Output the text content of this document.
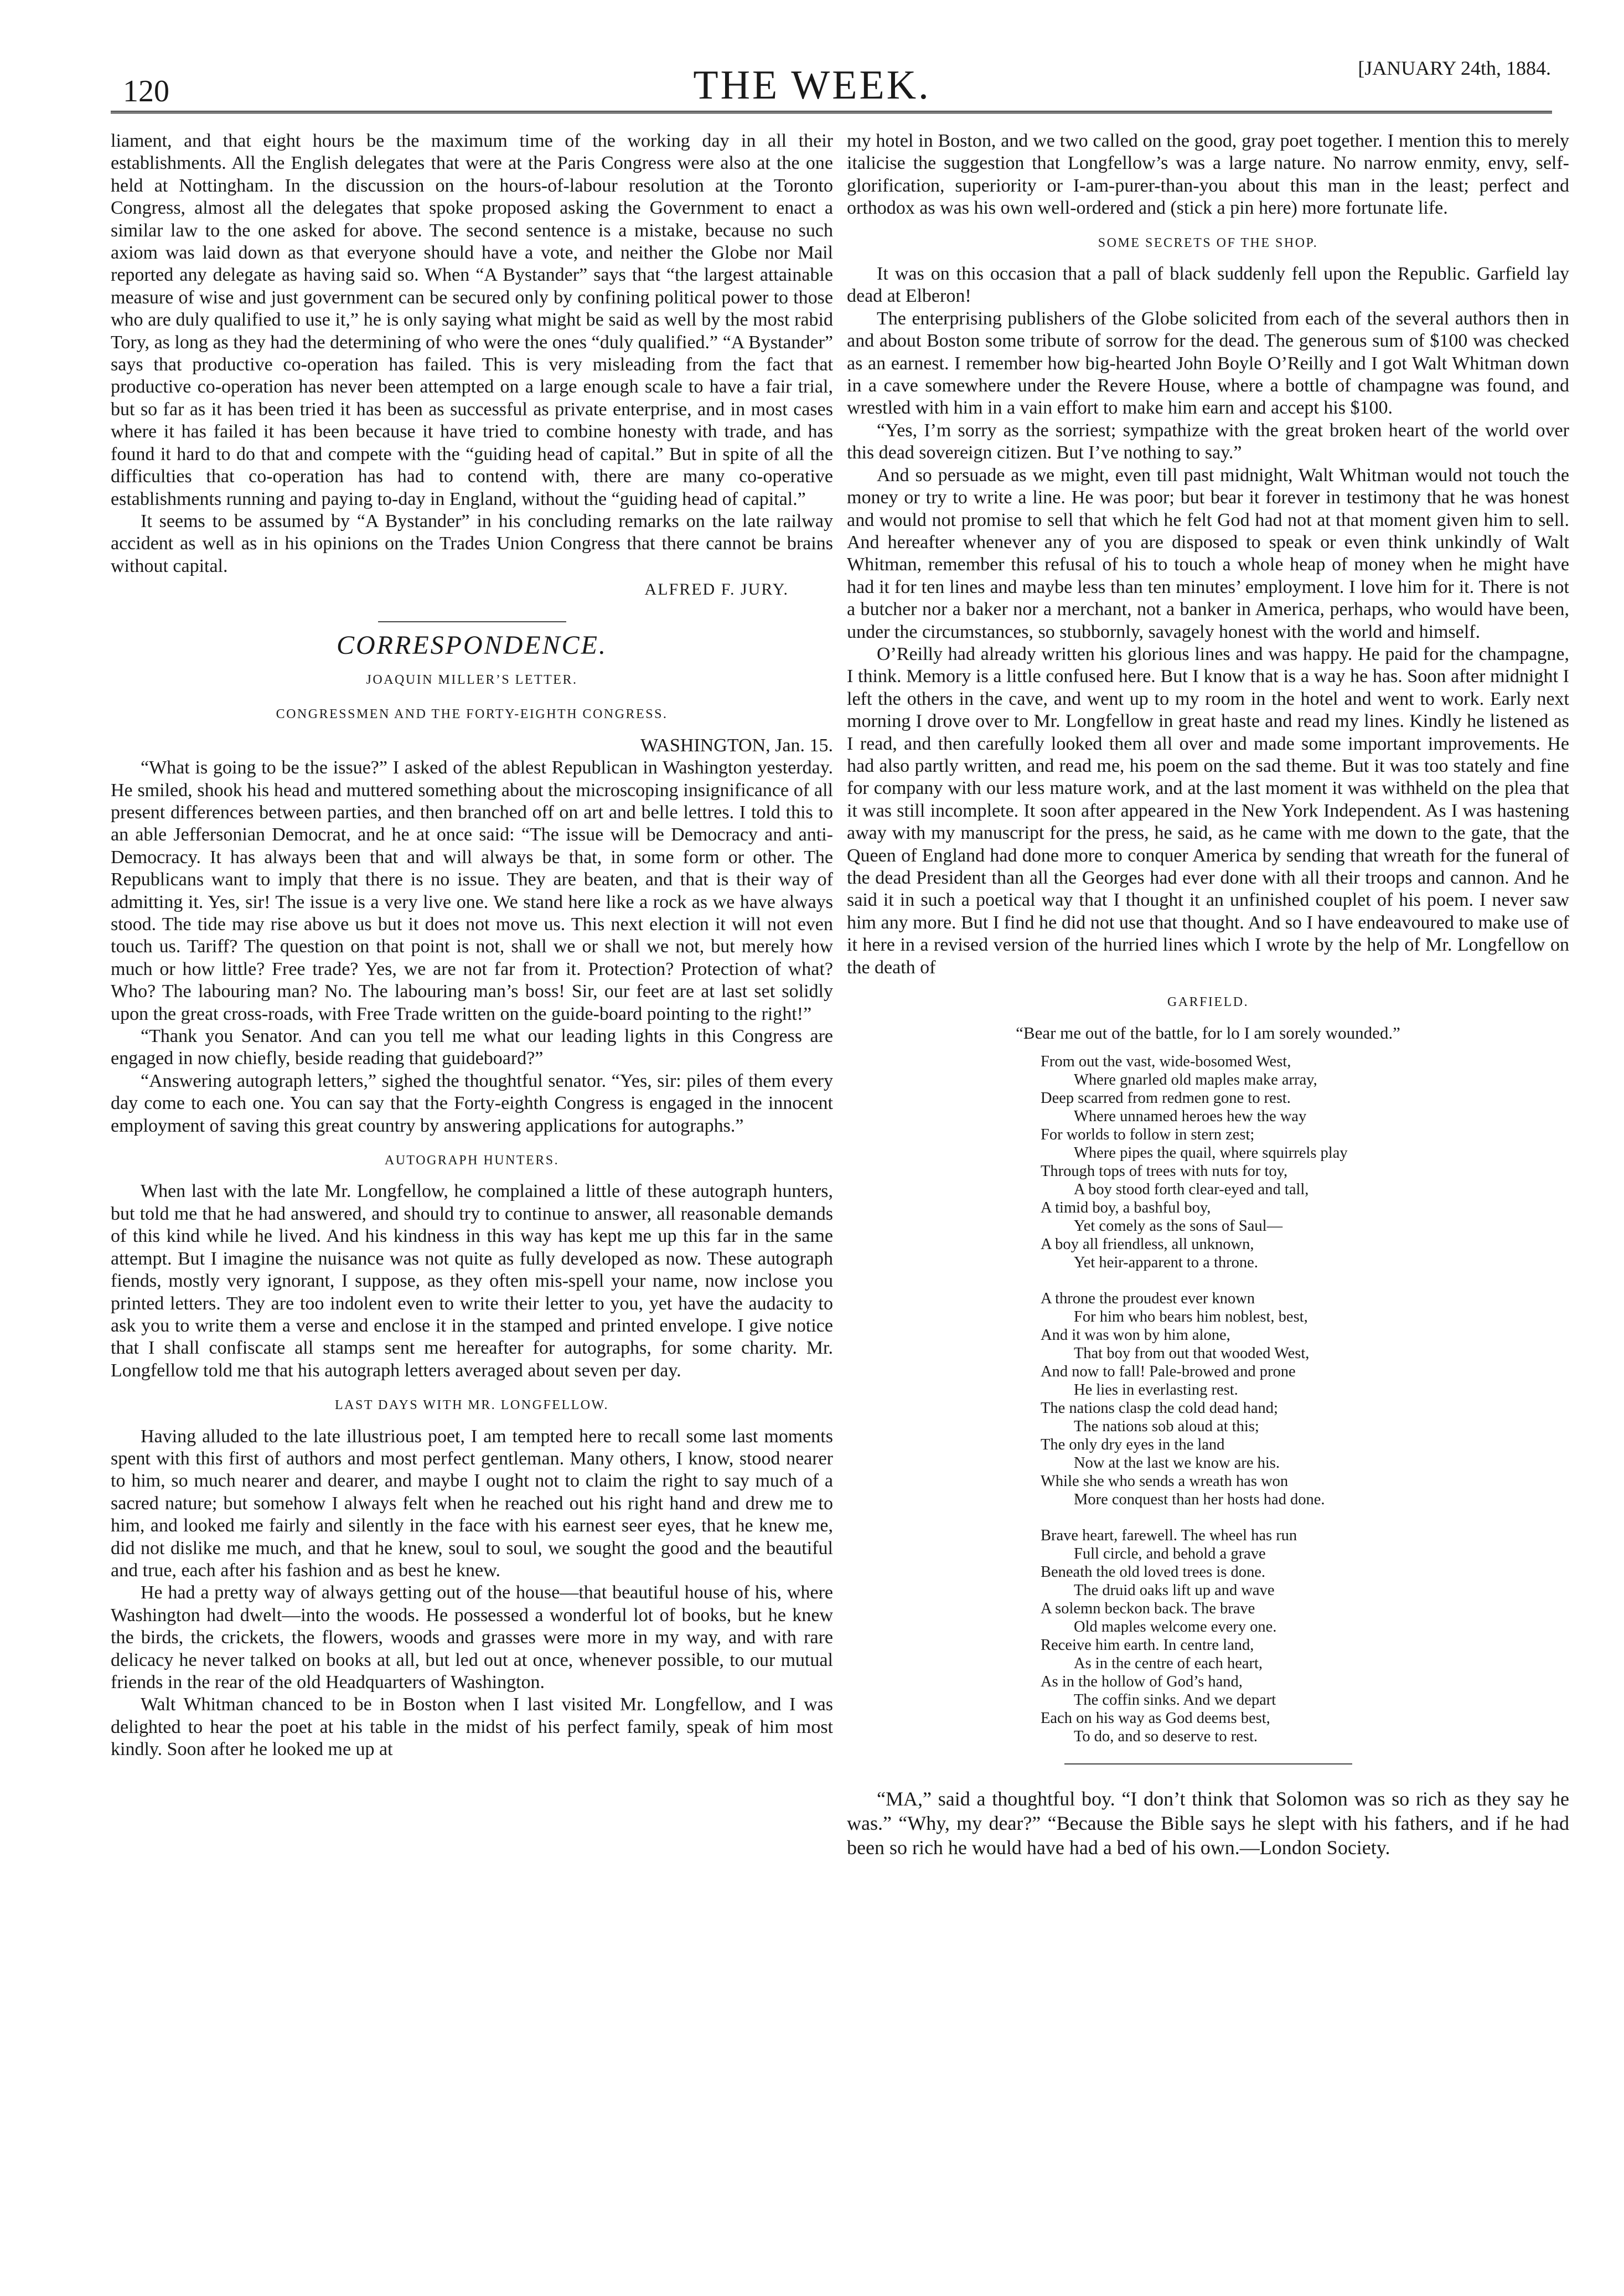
120	THE WEEK.	[JANUARY 24th, 1884.

liament, and that eight hours be the maximum time of the working day in all their establishments. All the English delegates that were at the Paris Congress were also at the one held at Nottingham. In the discussion on the hours-of-labour resolution at the Toronto Congress, almost all the delegates that spoke proposed asking the Government to enact a similar law to the one asked for above. The second sentence is a mistake, because no such axiom was laid down as that everyone should have a vote, and neither the Globe nor Mail reported any delegate as having said so. When “A Bystander” says that “the largest attainable measure of wise and just government can be secured only by confining political power to those who are duly qualified to use it,” he is only saying what might be said as well by the most rabid Tory, as long as they had the determining of who were the ones “duly qualified.” “A Bystander” says that productive co-operation has failed. This is very misleading from the fact that productive co-operation has never been attempted on a large enough scale to have a fair trial, but so far as it has been tried it has been as successful as private enterprise, and in most cases where it has failed it has been because it have tried to combine honesty with trade, and has found it hard to do that and compete with the “guiding head of capital.” But in spite of all the difficulties that co-operation has had to contend with, there are many co-operative establishments running and paying to-day in England, without the “guiding head of capital.”

It seems to be assumed by “A Bystander” in his concluding remarks on the late railway accident as well as in his opinions on the Trades Union Congress that there cannot be brains without capital.

ALFRED F. JURY.
CORRESPONDENCE.
JOAQUIN MILLER’S LETTER.
CONGRESSMEN AND THE FORTY-EIGHTH CONGRESS.

WASHINGTON, Jan. 15.

“What is going to be the issue?” I asked of the ablest Republican in Washington yesterday. He smiled, shook his head and muttered something about the microscoping insignificance of all present differences between parties, and then branched off on art and belle lettres. I told this to an able Jeffersonian Democrat, and he at once said: “The issue will be Democracy and anti-Democracy. It has always been that and will always be that, in some form or other. The Republicans want to imply that there is no issue. They are beaten, and that is their way of admitting it. Yes, sir! The issue is a very live one. We stand here like a rock as we have always stood. The tide may rise above us but it does not move us. This next election it will not even touch us. Tariff? The question on that point is not, shall we or shall we not, but merely how much or how little? Free trade? Yes, we are not far from it. Protection? Protection of what? Who? The labouring man? No. The labouring man’s boss! Sir, our feet are at last set solidly upon the great cross-roads, with Free Trade written on the guide-board pointing to the right!”

“Thank you Senator. And can you tell me what our leading lights in this Congress are engaged in now chiefly, beside reading that guideboard?”

“Answering autograph letters,” sighed the thoughtful senator. “Yes, sir: piles of them every day come to each one. You can say that the Forty-eighth Congress is engaged in the innocent employment of saving this great country by answering applications for autographs.”

AUTOGRAPH HUNTERS.

When last with the late Mr. Longfellow, he complained a little of these autograph hunters, but told me that he had answered, and should try to continue to answer, all reasonable demands of this kind while he lived. And his kindness in this way has kept me up this far in the same attempt. But I imagine the nuisance was not quite as fully developed as now. These autograph fiends, mostly very ignorant, I suppose, as they often mis-spell your name, now inclose you printed letters. They are too indolent even to write their letter to you, yet have the audacity to ask you to write them a verse and enclose it in the stamped and printed envelope. I give notice that I shall confiscate all stamps sent me hereafter for autographs, for some charity. Mr. Longfellow told me that his autograph letters averaged about seven per day.

LAST DAYS WITH MR. LONGFELLOW.

Having alluded to the late illustrious poet, I am tempted here to recall some last moments spent with this first of authors and most perfect gentleman. Many others, I know, stood nearer to him, so much nearer and dearer, and maybe I ought not to claim the right to say much of a sacred nature; but somehow I always felt when he reached out his right hand and drew me to him, and looked me fairly and silently in the face with his earnest seer eyes, that he knew me, did not dislike me much, and that he knew, soul to soul, we sought the good and the beautiful and true, each after his fashion and as best he knew.

He had a pretty way of always getting out of the house—that beautiful house of his, where Washington had dwelt—into the woods. He possessed a wonderful lot of books, but he knew the birds, the crickets, the flowers, woods and grasses were more in my way, and with rare delicacy he never talked on books at all, but led out at once, whenever possible, to our mutual friends in the rear of the old Headquarters of Washington.

Walt Whitman chanced to be in Boston when I last visited Mr. Longfellow, and I was delighted to hear the poet at his table in the midst of his perfect family, speak of him most kindly. Soon after he looked me up at

my hotel in Boston, and we two called on the good, gray poet together. I mention this to merely italicise the suggestion that Longfellow’s was a large nature. No narrow enmity, envy, self-glorification, superiority or I-am-purer-than-you about this man in the least; perfect and orthodox as was his own well-ordered and (stick a pin here) more fortunate life.

SOME SECRETS OF THE SHOP.

It was on this occasion that a pall of black suddenly fell upon the Republic. Garfield lay dead at Elberon!

The enterprising publishers of the Globe solicited from each of the several authors then in and about Boston some tribute of sorrow for the dead. The generous sum of $100 was checked as an earnest. I remember how big-hearted John Boyle O’Reilly and I got Walt Whitman down in a cave somewhere under the Revere House, where a bottle of champagne was found, and wrestled with him in a vain effort to make him earn and accept his $100.

“Yes, I’m sorry as the sorriest; sympathize with the great broken heart of the world over this dead sovereign citizen. But I’ve nothing to say.”

And so persuade as we might, even till past midnight, Walt Whitman would not touch the money or try to write a line. He was poor; but bear it forever in testimony that he was honest and would not promise to sell that which he felt God had not at that moment given him to sell. And hereafter whenever any of you are disposed to speak or even think unkindly of Walt Whitman, remember this refusal of his to touch a whole heap of money when he might have had it for ten lines and maybe less than ten minutes’ employment. I love him for it. There is not a butcher nor a baker nor a merchant, not a banker in America, perhaps, who would have been, under the circumstances, so stubbornly, savagely honest with the world and himself.

O’Reilly had already written his glorious lines and was happy. He paid for the champagne, I think. Memory is a little confused here. But I know that is a way he has. Soon after midnight I left the others in the cave, and went up to my room in the hotel and went to work. Early next morning I drove over to Mr. Longfellow in great haste and read my lines. Kindly he listened as I read, and then carefully looked them all over and made some important improvements. He had also partly written, and read me, his poem on the sad theme. But it was too stately and fine for company with our less mature work, and at the last moment it was withheld on the plea that it was still incomplete. It soon after appeared in the New York Independent. As I was hastening away with my manuscript for the press, he said, as he came with me down to the gate, that the Queen of England had done more to conquer America by sending that wreath for the funeral of the dead President than all the Georges had ever done with all their troops and cannon. And he said it in such a poetical way that I thought it an unfinished couplet of his poem. I never saw him any more. But I find he did not use that thought. And so I have endeavoured to make use of it here in a revised version of the hurried lines which I wrote by the help of Mr. Longfellow on the death of

GARFIELD.
“Bear me out of the battle, for lo I am sorely wounded.”
From out the vast, wide-bosomed West,
Where gnarled old maples make array,
Deep scarred from redmen gone to rest.
Where unnamed heroes hew the way
For worlds to follow in stern zest;
Where pipes the quail, where squirrels play
Through tops of trees with nuts for toy,
A boy stood forth clear-eyed and tall,
A timid boy, a bashful boy,
Yet comely as the sons of Saul—
A boy all friendless, all unknown,
Yet heir-apparent to a throne.
A throne the proudest ever known
For him who bears him noblest, best,
And it was won by him alone,
That boy from out that wooded West,
And now to fall! Pale-browed and prone
He lies in everlasting rest.
The nations clasp the cold dead hand;
The nations sob aloud at this;
The only dry eyes in the land
Now at the last we know are his.
While she who sends a wreath has won
More conquest than her hosts had done.
Brave heart, farewell. The wheel has run
Full circle, and behold a grave
Beneath the old loved trees is done.
The druid oaks lift up and wave
A solemn beckon back. The brave
Old maples welcome every one.
Receive him earth. In centre land,
As in the centre of each heart,
As in the hollow of God’s hand,
The coffin sinks. And we depart
Each on his way as God deems best,
To do, and so deserve to rest.

“MA,” said a thoughtful boy. “I don’t think that Solomon was so rich as they say he was.” “Why, my dear?” “Because the Bible says he slept with his fathers, and if he had been so rich he would have had a bed of his own.—London Society.
